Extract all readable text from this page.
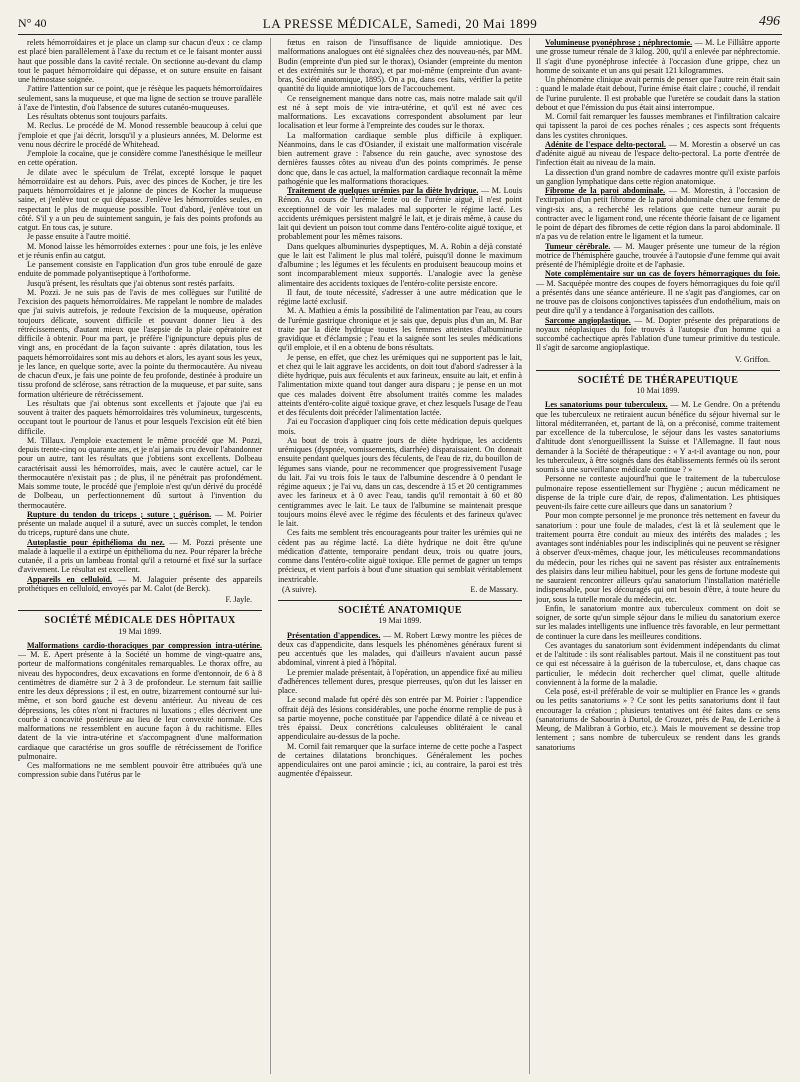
N° 40	LA PRESSE MÉDICALE, Samedi, 20 Mai 1899	496

relets hémorroïdaires et je place un clamp sur chacun d'eux : ce clamp est placé bien parallèlement à l'axe du rectum et ce le faisant monter aussi haut que possible dans la cavité rectale. On sectionne au-devant du clamp tout le paquet hémorroïdaire qui dépasse, et on suture ensuite en faisant une hémostase soignée.

J'attire l'attention sur ce point, que je résèque les paquets hémorroïdaires seulement, sans la muqueuse, et que ma ligne de section se trouve parallèle à l'axe de l'intestin, d'où l'absence de sutures cutanéo-muqueuses.

Les résultats obtenus sont toujours parfaits.

M. Reclus. Le procédé de M. Monod ressemble beaucoup à celui que j'emploie et que j'ai décrit, lorsqu'il y a plusieurs années, M. Delorme est venu nous décrire le procédé de Whitehead.

J'emploie la cocaïne, que je considère comme l'anesthésique le meilleur en cette opération.

Je dilate avec le spéculum de Trélat, excepté lorsque le paquet hémorroïdaire est au dehors. Puis, avec des pinces de Kocher, je tire les paquets hémorroïdaires et je jalonne de pinces de Kocher la muqueuse saine, et j'enlève tout ce qui dépasse. J'enlève les hémorroïdes seules, en respectant le plus de muqueuse possible. Tout d'abord, j'enlève tout un côté. S'il y a un peu de suintement sanguin, je fais des points profonds au catgut. En tous cas, je suture.

Je passe ensuite à l'autre moitié.

M. Monod laisse les hémorroïdes externes : pour une fois, je les enlève et je réunis enfin au catgut.

Le pansement consiste en l'application d'un gros tube enroulé de gaze enduite de pommade polyantiseptique à l'orthoforme.

Jusqu'à présent, les résultats que j'ai obtenus sont restés parfaits.

M. Pozzi. Je ne suis pas de l'avis de mes collègues sur l'utilité de l'excision des paquets hémorroïdaires. Me rappelant le nombre de malades que j'ai suivis autrefois, je redoute l'excision de la muqueuse, opération toujours délicate, souvent difficile et pouvant donner lieu à des rétrécissements, d'autant mieux que l'asepsie de la plaie opératoire est difficile à obtenir. Pour ma part, je préfère l'ignipuncture depuis plus de vingt ans, en procédant de la façon suivante : après dilatation, tous les paquets hémorroïdaires sont mis au dehors et alors, les ayant sous les yeux, je les lance, en quelque sorte, avec la pointe du thermocautère. Au niveau de chacun d'eux, je fais une pointe de feu profonde, destinée à produire un tissu profond de sclérose, sans rétraction de la muqueuse, et par suite, sans formation ultérieure de rétrécissement.

Les résultats que j'ai obtenus sont excellents et j'ajoute que j'ai eu souvent à traiter des paquets hémorroïdaires très volumineux, turgescents, occupant tout le pourtour de l'anus et pour lesquels l'excision eût été bien difficile.

M. Tillaux. J'emploie exactement le même procédé que M. Pozzi, depuis trente-cinq ou quarante ans, et je n'ai jamais cru devoir l'abandonner pour un autre, tant les résultats que j'obtiens sont excellents. Dolbeau caractérisait aussi les hémorroïdes, mais, avec le cautère actuel, car le thermocautère n'existait pas ; de plus, il ne pénétrait pas profondément. Mais somme toute, le procédé que j'emploie n'est qu'un dérivé du procédé de Dolbeau, un perfectionnement dû surtout à l'invention du thermocautère.

Rupture du tendon du triceps ; suture ; guérison. — M. Poirier présente un malade auquel il a suturé, avec un succès complet, le tendon du triceps, rupturé dans une chute.

Autoplastie pour épithélioma du nez. — M. Pozzi présente une malade à laquelle il a extirpé un épithélioma du nez. Pour réparer la brèche cutanée, il a pris un lambeau frontal qu'il a retourné et fixé sur la surface d'avivement. Le résultat est excellent.

Appareils en celluloïd. — M. Jalaguier présente des appareils prothétiques en celluloïd, envoyés par M. Calot (de Berck).

F. Jayle.
SOCIÉTÉ MÉDICALE DES HÔPITAUX
19 Mai 1899.

Malformations cardio-thoraciques par compression intra-utérine. — M. E. Apert présente à la Société un homme de vingt-quatre ans, porteur de malformations congénitales remarquables. Le thorax offre, au niveau des hypocondres, deux excavations en forme d'entonnoir, de 6 à 8 centimètres de diamètre sur 2 à 3 de profondeur. Le sternum fait saillie entre les deux dépressions ; il est, en outre, bizarrement contourné sur lui-même, et son bord gauche est devenu antérieur. Au niveau de ces dépressions, les côtes n'ont ni fractures ni luxations ; elles décrivent une courbe à concavité postérieure au lieu de leur convexité normale. Ces malformations ne ressemblent en aucune façon à du rachitisme. Elles datent de la vie intra-utérine et s'accompagnent d'une malformation cardiaque que caractérise un gros souffle de rétrécissement de l'orifice pulmonaire.

Ces malformations ne me semblent pouvoir être attribuées qu'à une compression subie dans l'utérus par le

fœtus en raison de l'insuffisance de liquide amniotique. Des malformations analogues ont été signalées chez des nouveau-nés, par MM. Budin (empreinte d'un pied sur le thorax), Osiander (empreinte du menton et des extrémités sur le thorax), et par moi-même (empreinte d'un avant-bras, Société anatomique, 1895). On a pu, dans ces faits, vérifier la petite quantité du liquide amniotique lors de l'accouchement.

Ce renseignement manque dans notre cas, mais notre malade sait qu'il est né à sept mois de vie intra-utérine, et qu'il est né avec ces malformations. Les excavations correspondent absolument par leur localisation et leur forme à l'empreinte des coudes sur le thorax.

La malformation cardiaque semble plus difficile à expliquer. Néanmoins, dans le cas d'Osiander, il existait une malformation viscérale bien autrement grave : l'absence du rein gauche, avec synostose des dernières fausses côtes au niveau d'un des points comprimés. Je pense donc que, dans le cas actuel, la malformation cardiaque reconnaît la même pathogénie que les malformations thoraciques.

Traitement de quelques urémies par la diète hydrique. — M. Louis Rénon. Au cours de l'urémie lente ou de l'urémie aiguë, il n'est point exceptionnel de voir les malades mal supporter le régime lacté. Les accidents urémiques persistent malgré le lait, et je dirais même, à cause du lait qui devient un poison tout comme dans l'entéro-colite aiguë toxique, et probablement pour les mêmes raisons.

Dans quelques albuminuries dyspeptiques, M. A. Robin a déjà constaté que le lait est l'aliment le plus mal toléré, puisqu'il donne le maximum d'albumine ; les légumes et les féculents en produisent beaucoup moins et sont incomparablement mieux supportés. L'analogie avec la genèse alimentaire des accidents toxiques de l'entéro-colite persiste encore.

Il faut, de toute nécessité, s'adresser à une autre médication que le régime lacté exclusif.

M. A. Mathieu a émis la possibilité de l'alimentation par l'eau, au cours de l'urémie gastrique chronique et je sais que, depuis plus d'un an, M. Bar traite par la diète hydrique toutes les femmes atteintes d'albuminurie gravidique et d'éclampsie ; l'eau et la saignée sont les seules médications qu'il emploie, et il en a obtenu de bons résultats.

Je pense, en effet, que chez les urémiques qui ne supportent pas le lait, et chez qui le lait aggrave les accidents, on doit tout d'abord s'adresser à la diète hydrique, puis aux féculents et aux farineux, ensuite au lait, et enfin à l'alimentation mixte quand tout danger aura disparu ; je pense en un mot que ces malades doivent être absolument traités comme les malades atteints d'entéro-colite aiguë toxique grave, et chez lesquels l'usage de l'eau et des féculents doit précéder l'alimentation lactée.

J'ai eu l'occasion d'appliquer cinq fois cette médication depuis quelques mois.

Au bout de trois à quatre jours de diète hydrique, les accidents urémiques (dyspnée, vomissements, diarrhée) disparaissaient. On donnait ensuite pendant quelques jours des féculents, de l'eau de riz, du bouillon de légumes sans viande, pour ne recommencer que progressivement l'usage du lait. J'ai vu trois fois le taux de l'albumine descendre à 0 pendant le régime aqueux ; je l'ai vu, dans un cas, descendre à 15 et 20 centigrammes avec les farineux et à 0 avec l'eau, tandis qu'il remontait à 60 et 80 centigrammes avec le lait. Le taux de l'albumine se maintenait presque toujours moins élevé avec le régime des féculents et des farineux qu'avec le lait.

Ces faits me semblent très encourageants pour traiter les urémies qui ne cèdent pas au régime lacté. La diète hydrique ne doit être qu'une médication d'attente, temporaire pendant deux, trois ou quatre jours, comme dans l'entéro-colite aiguë toxique. Elle permet de gagner un temps précieux, et vient parfois à bout d'une situation qui semblait véritablement inextricable.

(A suivre).	E. de Massary.
SOCIÉTÉ ANATOMIQUE
19 Mai 1899.

Présentation d'appendices. — M. Robert Lœwy montre les pièces de deux cas d'appendicite, dans lesquels les phénomènes généraux furent si peu accentués que les malades, qui d'ailleurs n'avaient aucun passé abdominal, vinrent à pied à l'hôpital.

Le premier malade présentait, à l'opération, un appendice fixé au milieu d'adhérences tellement dures, presque pierreuses, qu'on dut les laisser en place.

Le second malade fut opéré dès son entrée par M. Poirier : l'appendice offrait déjà des lésions considérables, une poche énorme remplie de pus à sa partie moyenne, poche constituée par l'appendice dilaté à ce niveau et très épaissi. Deux concrétions calculeuses oblitéraient le canal appendiculaire au-dessus de la poche.

M. Cornil fait remarquer que la surface interne de cette poche a l'aspect de certaines dilatations bronchiques. Généralement les poches appendiculaires ont une paroi amincie ; ici, au contraire, la paroi est très augmentée d'épaisseur.

Volumineuse pyonéphrose ; néphrectomie. — M. Le Filliâtre apporte une grosse tumeur rénale de 3 kilog. 200, qu'il a enlevée par néphrectomie. Il s'agit d'une pyonéphrose infectée à l'occasion d'une grippe, chez un homme de soixante et un ans qui pesait 121 kilogrammes.

Un phénomène clinique avait permis de penser que l'autre rein était sain : quand le malade était debout, l'urine émise était claire ; couché, il rendait de l'urine purulente. Il est probable que l'uretère se coudait dans la station debout et que l'émission du pus était ainsi interrompue.

M. Cornil fait remarquer les fausses membranes et l'infiltration calcaire qui tapissent la paroi de ces poches rénales ; ces aspects sont fréquents dans les cystites chroniques.

Adénite de l'espace delto-pectoral. — M. Morestin a observé un cas d'adénite aiguë au niveau de l'espace delto-pectoral. La porte d'entrée de l'infection était au niveau de la main.

La dissection d'un grand nombre de cadavres montre qu'il existe parfois un ganglion lymphatique dans cette région anatomique.

Fibrome de la paroi abdominale. — M. Morestin, à l'occasion de l'extirpation d'un petit fibrome de la paroi abdominale chez une femme de vingt-six ans, a recherché les relations que cette tumeur aurait pu contracter avec le ligament rond, une récente théorie faisant de ce ligament le point de départ des fibromes de cette région dans la paroi abdominale. Il n'a pas vu de relation entre le ligament et la tumeur.

Tumeur cérébrale. — M. Mauger présente une tumeur de la région motrice de l'hémisphère gauche, trouvée à l'autopsie d'une femme qui avait présenté de l'hémiplégie droite et de l'aphasie.

Note complémentaire sur un cas de foyers hémorragiques du foie. — M. Sacquépée montre des coupes de foyers hémorragiques du foie qu'il a présentés dans une séance antérieure. Il ne s'agit pas d'angiomes, car on ne trouve pas de cloisons conjonctives tapissées d'un endothélium, mais on peut dire qu'il y a tendance à l'organisation des caillots.

Sarcome angioplastique. — M. Dopter présente des préparations de noyaux néoplasiques du foie trouvés à l'autopsie d'un homme qui a succombé cachectique après l'ablation d'une tumeur primitive du testicule. Il s'agit de sarcome angioplastique.

V. Griffon.
SOCIÉTÉ DE THÉRAPEUTIQUE
10 Mai 1899.

Les sanatoriums pour tuberculeux. — M. Le Gendre. On a prétendu que les tuberculeux ne retiraient aucun bénéfice du séjour hivernal sur le littoral méditerranéen, et, partant de là, on a préconisé, comme traitement par excellence de la tuberculose, le séjour dans les vastes sanatoriums d'altitude dont s'enorgueillissent la Suisse et l'Allemagne. Il faut nous demander à la Société de thérapeutique : « Y a-t-il avantage ou non, pour les tuberculeux, à être soignés dans des établissements fermés où ils seront soumis à une surveillance médicale continue ? »

Personne ne conteste aujourd'hui que le traitement de la tuberculose pulmonaire repose essentiellement sur l'hygiène ; aucun médicament ne dispense de la triple cure d'air, de repos, d'alimentation. Les phtisiques peuvent-ils faire cette cure ailleurs que dans un sanatorium ?

Pour mon compte personnel je me prononce très nettement en faveur du sanatorium : pour une foule de malades, c'est là et là seulement que le traitement pourra être conduit au mieux des intérêts des malades ; les avantages sont indéniables pour les indisciplinés qui ne peuvent se résigner à observer d'eux-mêmes, chaque jour, les méticuleuses recommandations du médecin, pour les riches qui ne savent pas résister aux entraînements des plaisirs dans leur milieu habituel, pour les gens de fortune modeste qui ne sauraient rencontrer ailleurs qu'au sanatorium l'installation matérielle indispensable, pour les découragés qui ont besoin d'être, à toute heure du jour, sous la tutelle morale du médecin, etc.

Enfin, le sanatorium montre aux tuberculeux comment on doit se soigner, de sorte qu'un simple séjour dans le milieu du sanatorium exerce sur les malades intelligents une influence très favorable, en leur permettant de continuer la cure dans les meilleures conditions.

Ces avantages du sanatorium sont évidemment indépendants du climat et de l'altitude : ils sont réalisables partout. Mais il ne constituent pas tout ce qui est nécessaire à la guérison de la tuberculose, et, dans chaque cas particulier, le médecin doit rechercher quel climat, quelle altitude conviennent à la forme de la maladie.

Cela posé, est-il préférable de voir se multiplier en France les « grands ou les petits sanatoriums » ? Ce sont les petits sanatoriums dont il faut encourager la création ; plusieurs tentatives ont été faites dans ce sens (sanatoriums de Sabourin à Durtol, de Crouzet, près de Pau, de Leriche à Meung, de Malibran à Gorbio, etc.). Mais le mouvement se dessine trop lentement ; sans nombre de tuberculeux se rendent dans les grands sanatoriums
